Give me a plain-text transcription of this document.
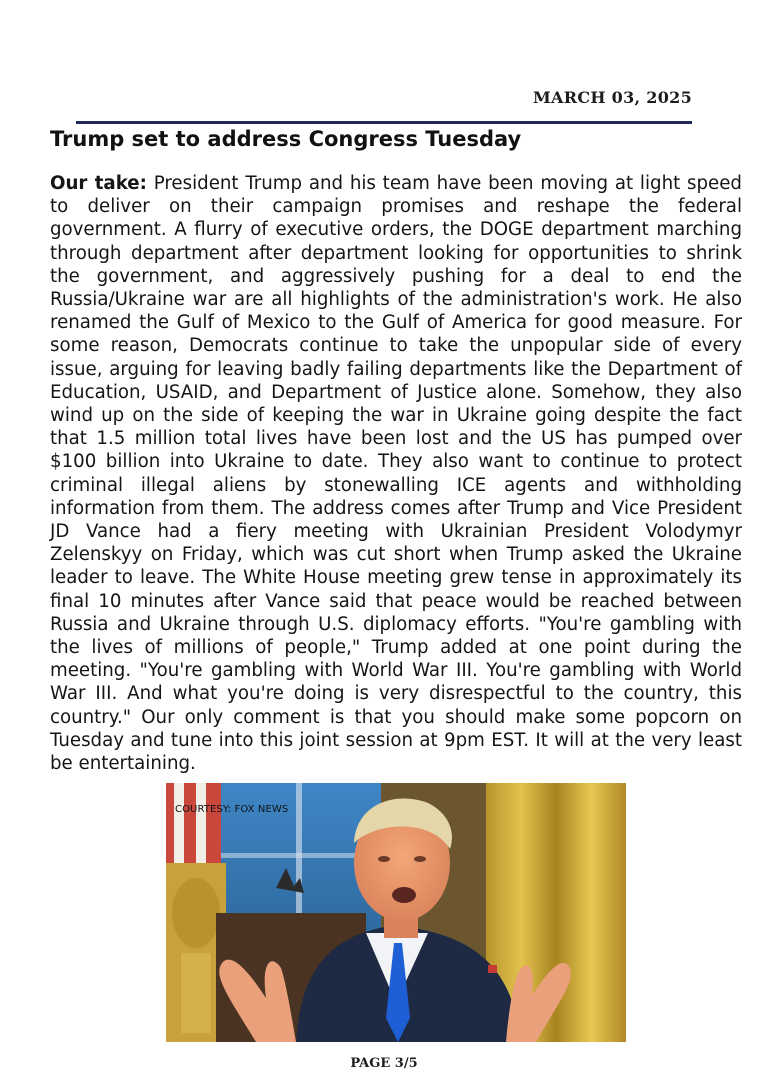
MARCH 03, 2025
Trump set to address Congress Tuesday

Our take: President Trump and his team have been moving at light speed to deliver on their campaign promises and reshape the federal government. A flurry of executive orders, the DOGE department marching through department after department looking for opportunities to shrink the government, and aggressively pushing for a deal to end the Russia/Ukraine war are all highlights of the administration's work. He also renamed the Gulf of Mexico to the Gulf of America for good measure. For some reason, Democrats continue to take the unpopular side of every issue, arguing for leaving badly failing departments like the Department of Education, USAID, and Department of Justice alone. Somehow, they also wind up on the side of keeping the war in Ukraine going despite the fact that 1.5 million total lives have been lost and the US has pumped over $100 billion into Ukraine to date. They also want to continue to protect criminal illegal aliens by stonewalling ICE agents and withholding information from them. The address comes after Trump and Vice President JD Vance had a fiery meeting with Ukrainian President Volodymyr Zelenskyy on Friday, which was cut short when Trump asked the Ukraine leader to leave. The White House meeting grew tense in approximately its final 10 minutes after Vance said that peace would be reached between Russia and Ukraine through U.S. diplomacy efforts. "You're gambling with the lives of millions of people," Trump added at one point during the meeting. "You're gambling with World War III. You're gambling with World War III. And what you're doing is very disrespectful to the country, this country." Our only comment is that you should make some popcorn on Tuesday and tune into this joint session at 9pm EST. It will at the very least be entertaining.

COURTESY: FOX NEWS
PAGE 3/5
